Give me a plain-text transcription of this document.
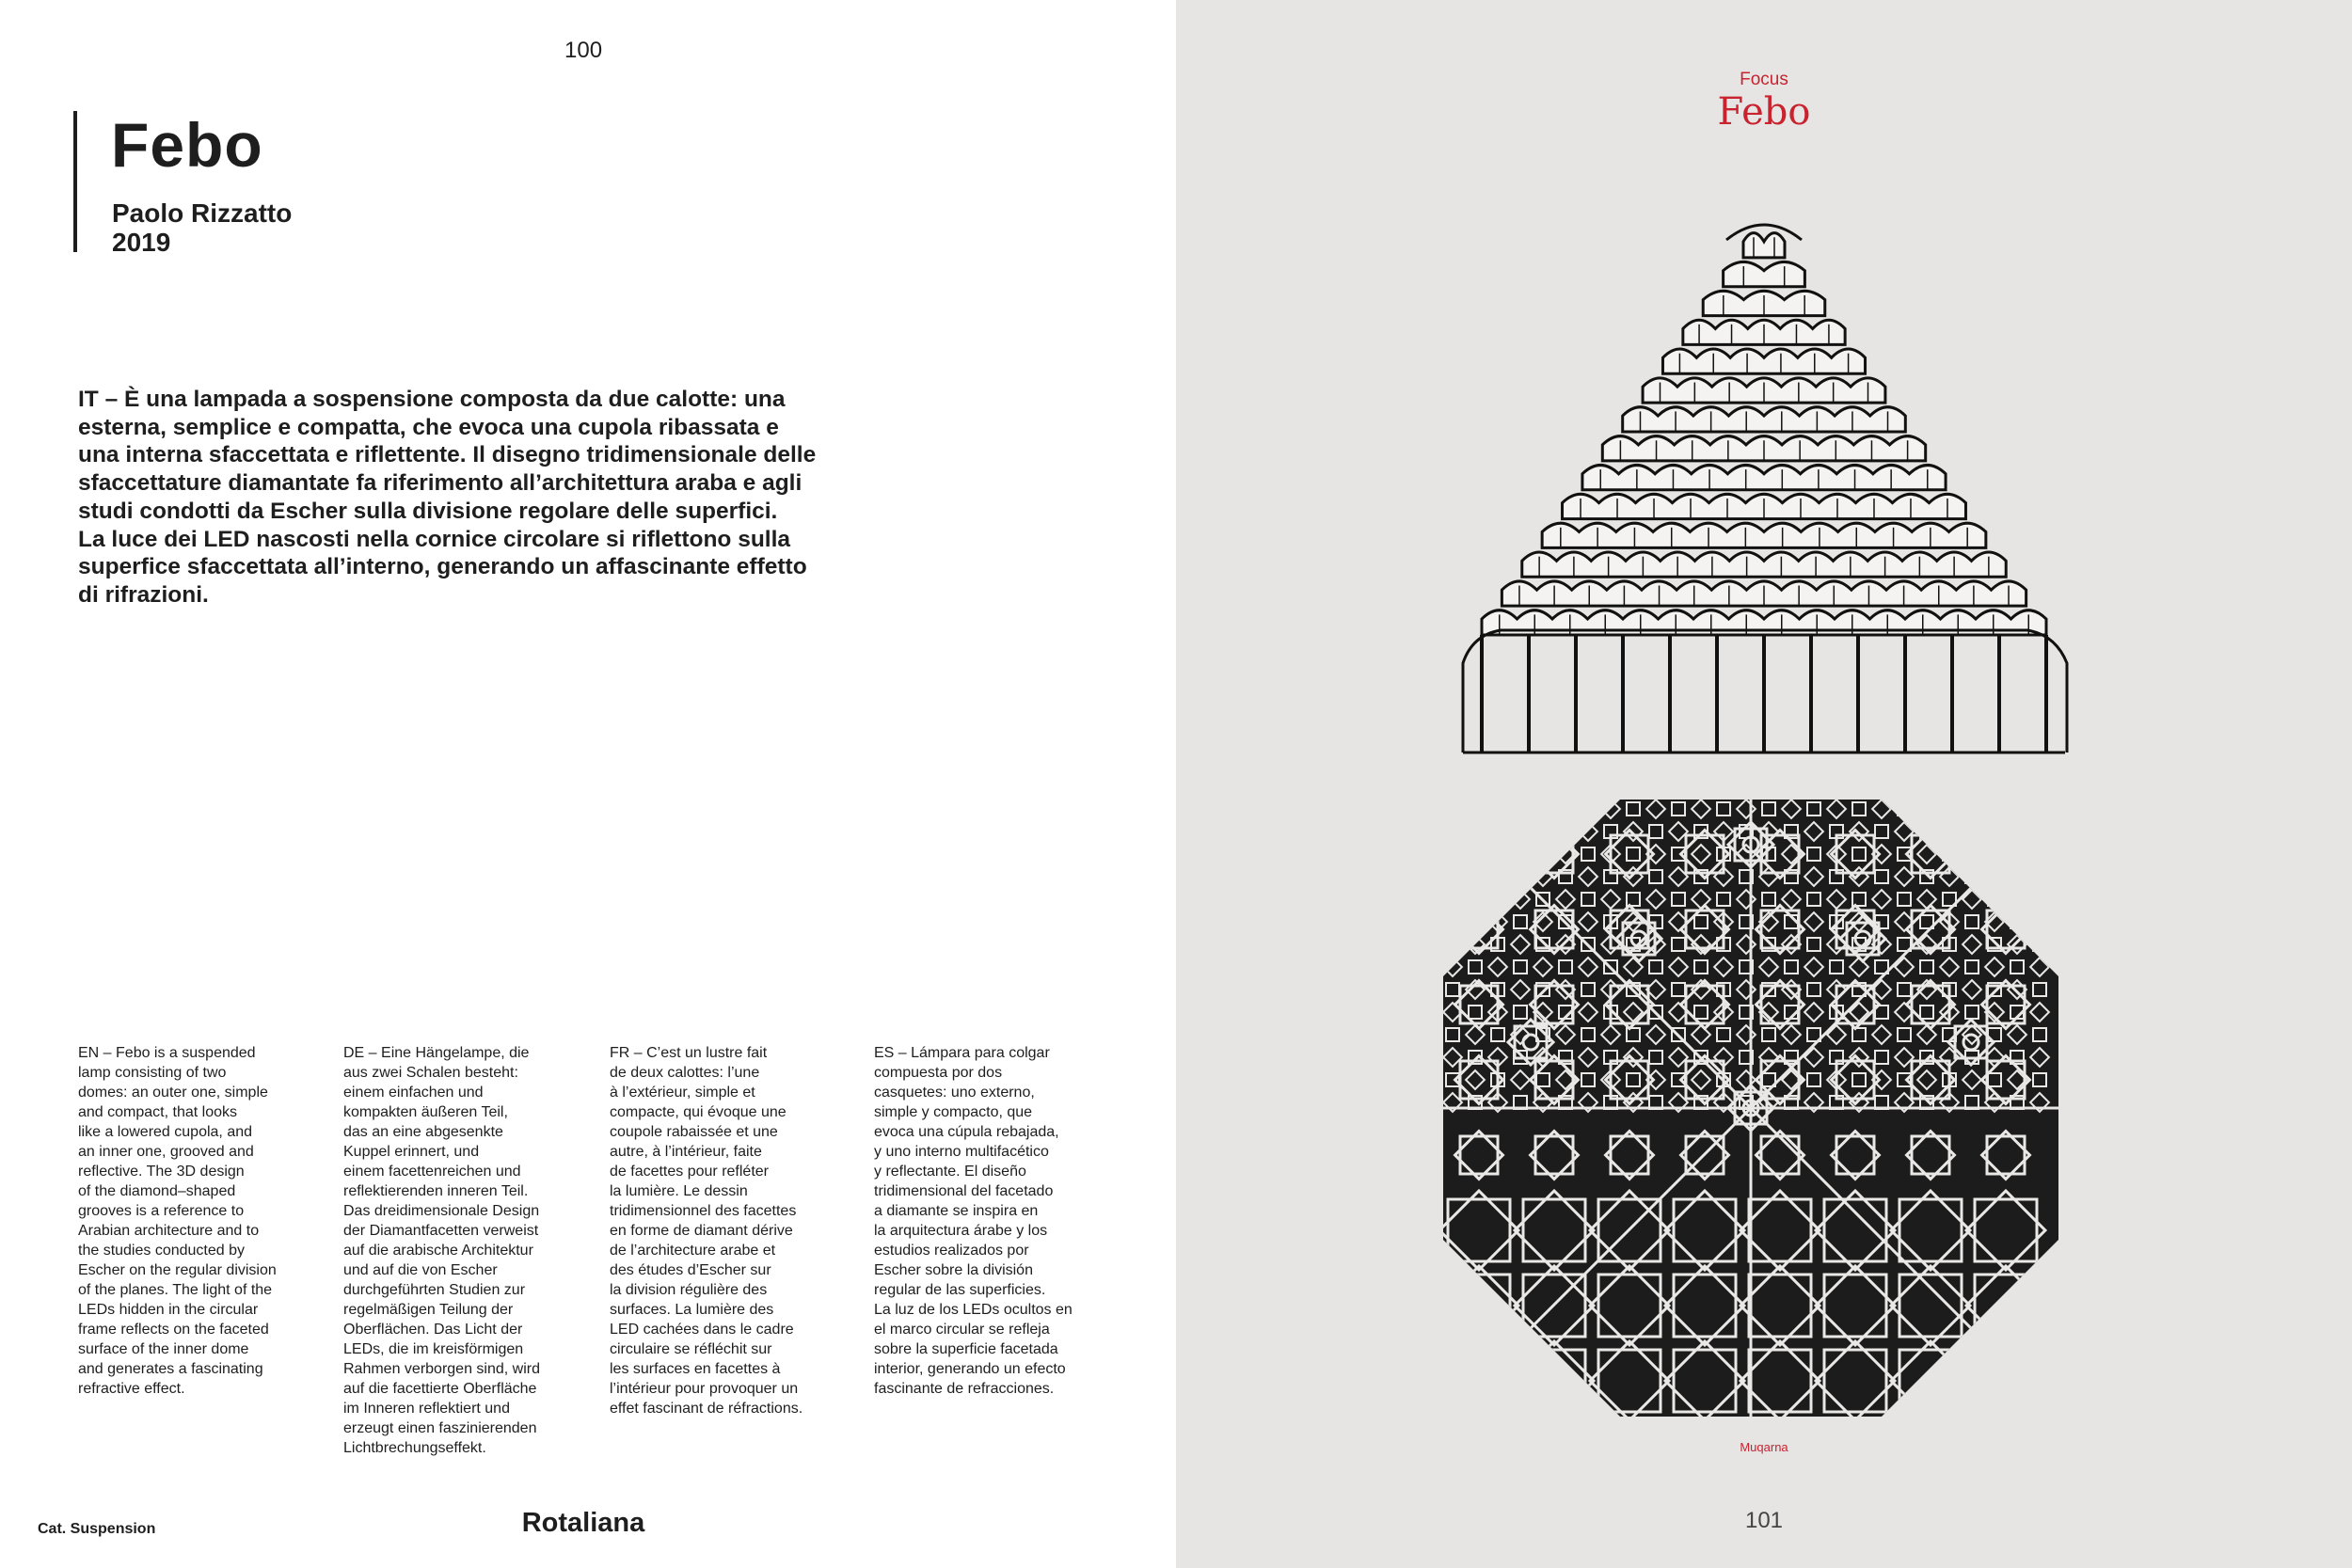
100
Febo
Paolo Rizzatto
2019
IT – È una lampada a sospensione composta da due calotte: una
esterna, semplice e compatta, che evoca una cupola ribassata e
una interna sfaccettata e riflettente. Il disegno tridimensionale delle
sfaccettature diamantate fa riferimento all’architettura araba e agli
studi condotti da Escher sulla divisione regolare delle superfici.
La luce dei LED nascosti nella cornice circolare si riflettono sulla
superfice sfaccettata all’interno, generando un affascinante effetto
di rifrazioni.

EN – Febo is a suspended

lamp consisting of two

domes: an outer one, simple

and compact, that looks

like a lowered cupola, and

an inner one, grooved and

reflective. The 3D design

of the diamond–shaped

grooves is a reference to

Arabian architecture and to

the studies conducted by

Escher on the regular division

of the planes. The light of the

LEDs hidden in the circular

frame reflects on the faceted

surface of the inner dome

and generates a fascinating

refractive effect.

DE – Eine Hängelampe, die

aus zwei Schalen besteht:

einem einfachen und

kompakten äußeren Teil,

das an eine abgesenkte

Kuppel erinnert, und

einem facettenreichen und

reflektierenden inneren Teil.

Das dreidimensionale Design

der Diamantfacetten verweist

auf die arabische Architektur

und auf die von Escher

durchgeführten Studien zur

regelmäßigen Teilung der

Oberflächen. Das Licht der

LEDs, die im kreisförmigen

Rahmen verborgen sind, wird

auf die facettierte Oberfläche

im Inneren reflektiert und

erzeugt einen faszinierenden

Lichtbrechungseffekt.

FR – C’est un lustre fait

de deux calottes: l’une

à l’extérieur, simple et

compacte, qui évoque une

coupole rabaissée et une

autre, à l’intérieur, faite

de facettes pour refléter

la lumière. Le dessin

tridimensionnel des facettes

en forme de diamant dérive

de l’architecture arabe et

des études d’Escher sur

la division régulière des

surfaces. La lumière des

LED cachées dans le cadre

circulaire se réfléchit sur

les surfaces en facettes à

l’intérieur pour provoquer un

effet fascinant de réfractions.

ES – Lámpara para colgar

compuesta por dos

casquetes: uno externo,

simple y compacto, que

evoca una cúpula rebajada,

y uno interno multifacético

y reflectante. El diseño

tridimensional del facetado

a diamante se inspira en

la arquitectura árabe y los

estudios realizados por

Escher sobre la división

regular de las superficies.

La luz de los LEDs ocultos en

el marco circular se refleja

sobre la superficie facetada

interior, generando un efecto

fascinante de refracciones.

Cat. Suspension	Rotaliana
Focus
Febo
Muqarna
101
